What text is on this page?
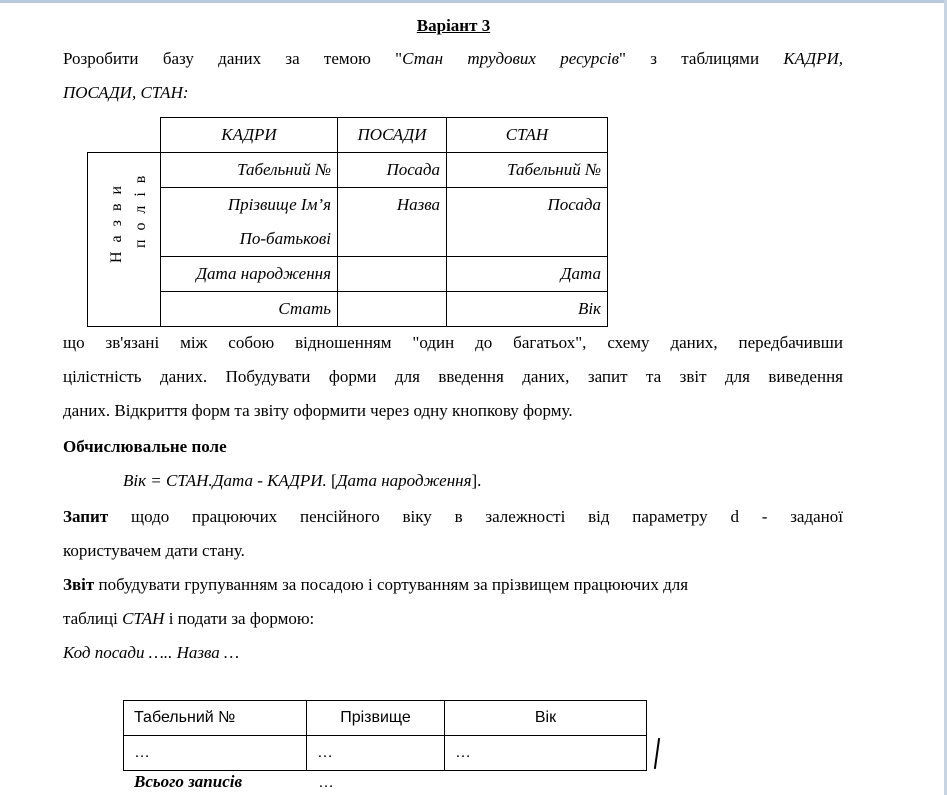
Варіант 3
Розробити базу даних за темою "Стан трудових ресурсів" з таблицями КАДРИ,
ПОСАДИ, СТАН:
	КАДРИ	ПОСАДИ	СТАН

Назви полів	Табельний №	Посада	Табельний №
	Прізвище Ім’я	Назва	Посада
	По-батькові		
	Дата народження		Дата
	Стать		Вік
що зв'язані між собою відношенням "один до багатьох", схему даних, передбачивши
цілістність даних. Побудувати форми для введення даних, запит та звіт для виведення
даних. Відкриття форм та звіту оформити через одну кнопкову форму.
Обчислювальне поле
Вік = СТАН.Дата - КАДРИ. [Дата народження].
Запит щодо працюючих пенсійного віку в залежності від параметру d - заданої
користувачем дати стану.
Звіт побудувати групуванням за посадою і сортуванням за прізвищем працюючих для
таблиці СТАН і подати за формою:
Код посади ….. Назва …
Табельний №	Прізвище	Вік
…	…	…
Всього записів	…
